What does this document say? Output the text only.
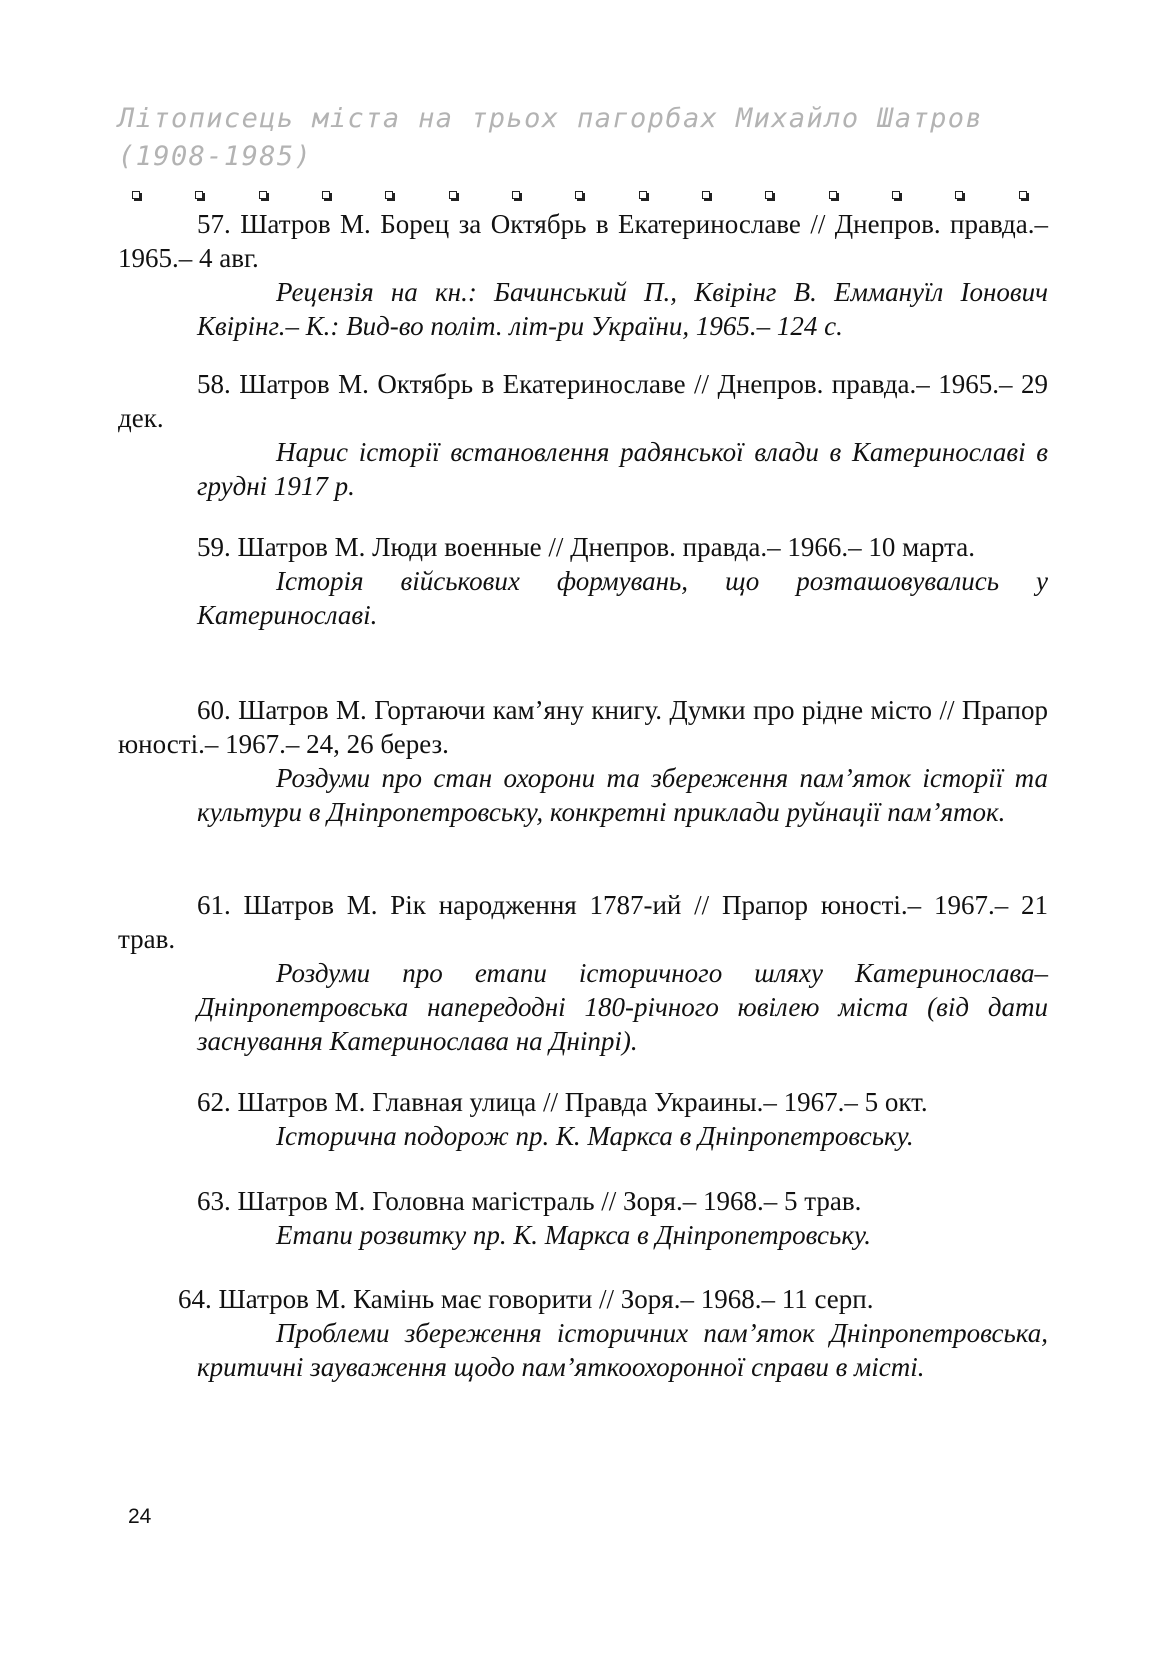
Літописець міста на трьох пагорбах Михайло Шатров (1908-1985)

57. Шатров М. Борец за Октябрь в Екатеринославе // Днепров. правда.– 1965.– 4 авг.

Рецензія на кн.: Бачинський П., Квірінг В. Еммануїл Іонович Квірінг.– К.: Вид-во політ. літ-ри України, 1965.– 124 с.

58. Шатров М. Октябрь в Екатеринославе // Днепров. правда.– 1965.– 29 дек.

Нарис історії встановлення радянської влади в Катеринославі в грудні 1917 р.

59. Шатров М. Люди военные // Днепров. правда.– 1966.– 10 марта.

Історія військових формувань, що розташовувались у Катеринославі.

60. Шатров М. Гортаючи кам’яну книгу. Думки про рідне місто // Прапор юності.– 1967.– 24, 26 берез.

Роздуми про стан охорони та збереження пам’яток історії та культури в Дніпропетровську, конкретні приклади руйнації пам’яток.

61. Шатров М. Рік народження 1787-ий // Прапор юності.– 1967.– 21 трав.

Роздуми про етапи історичного шляху Катеринослава–Дніпропетровська напередодні 180-річного ювілею міста (від дати заснування Катеринослава на Дніпрі).

62. Шатров М. Главная улица // Правда Украины.– 1967.– 5 окт.

Історична подорож пр. К. Маркса в Дніпропетровську.

63. Шатров М. Головна магістраль // Зоря.– 1968.– 5 трав.

Етапи розвитку пр. К. Маркса в Дніпропетровську.

64. Шатров М. Камінь має говорити // Зоря.– 1968.– 11 серп.

Проблеми збереження історичних пам’яток Дніпропетровська, критичні зауваження щодо пам’яткоохоронної справи в місті.

24
